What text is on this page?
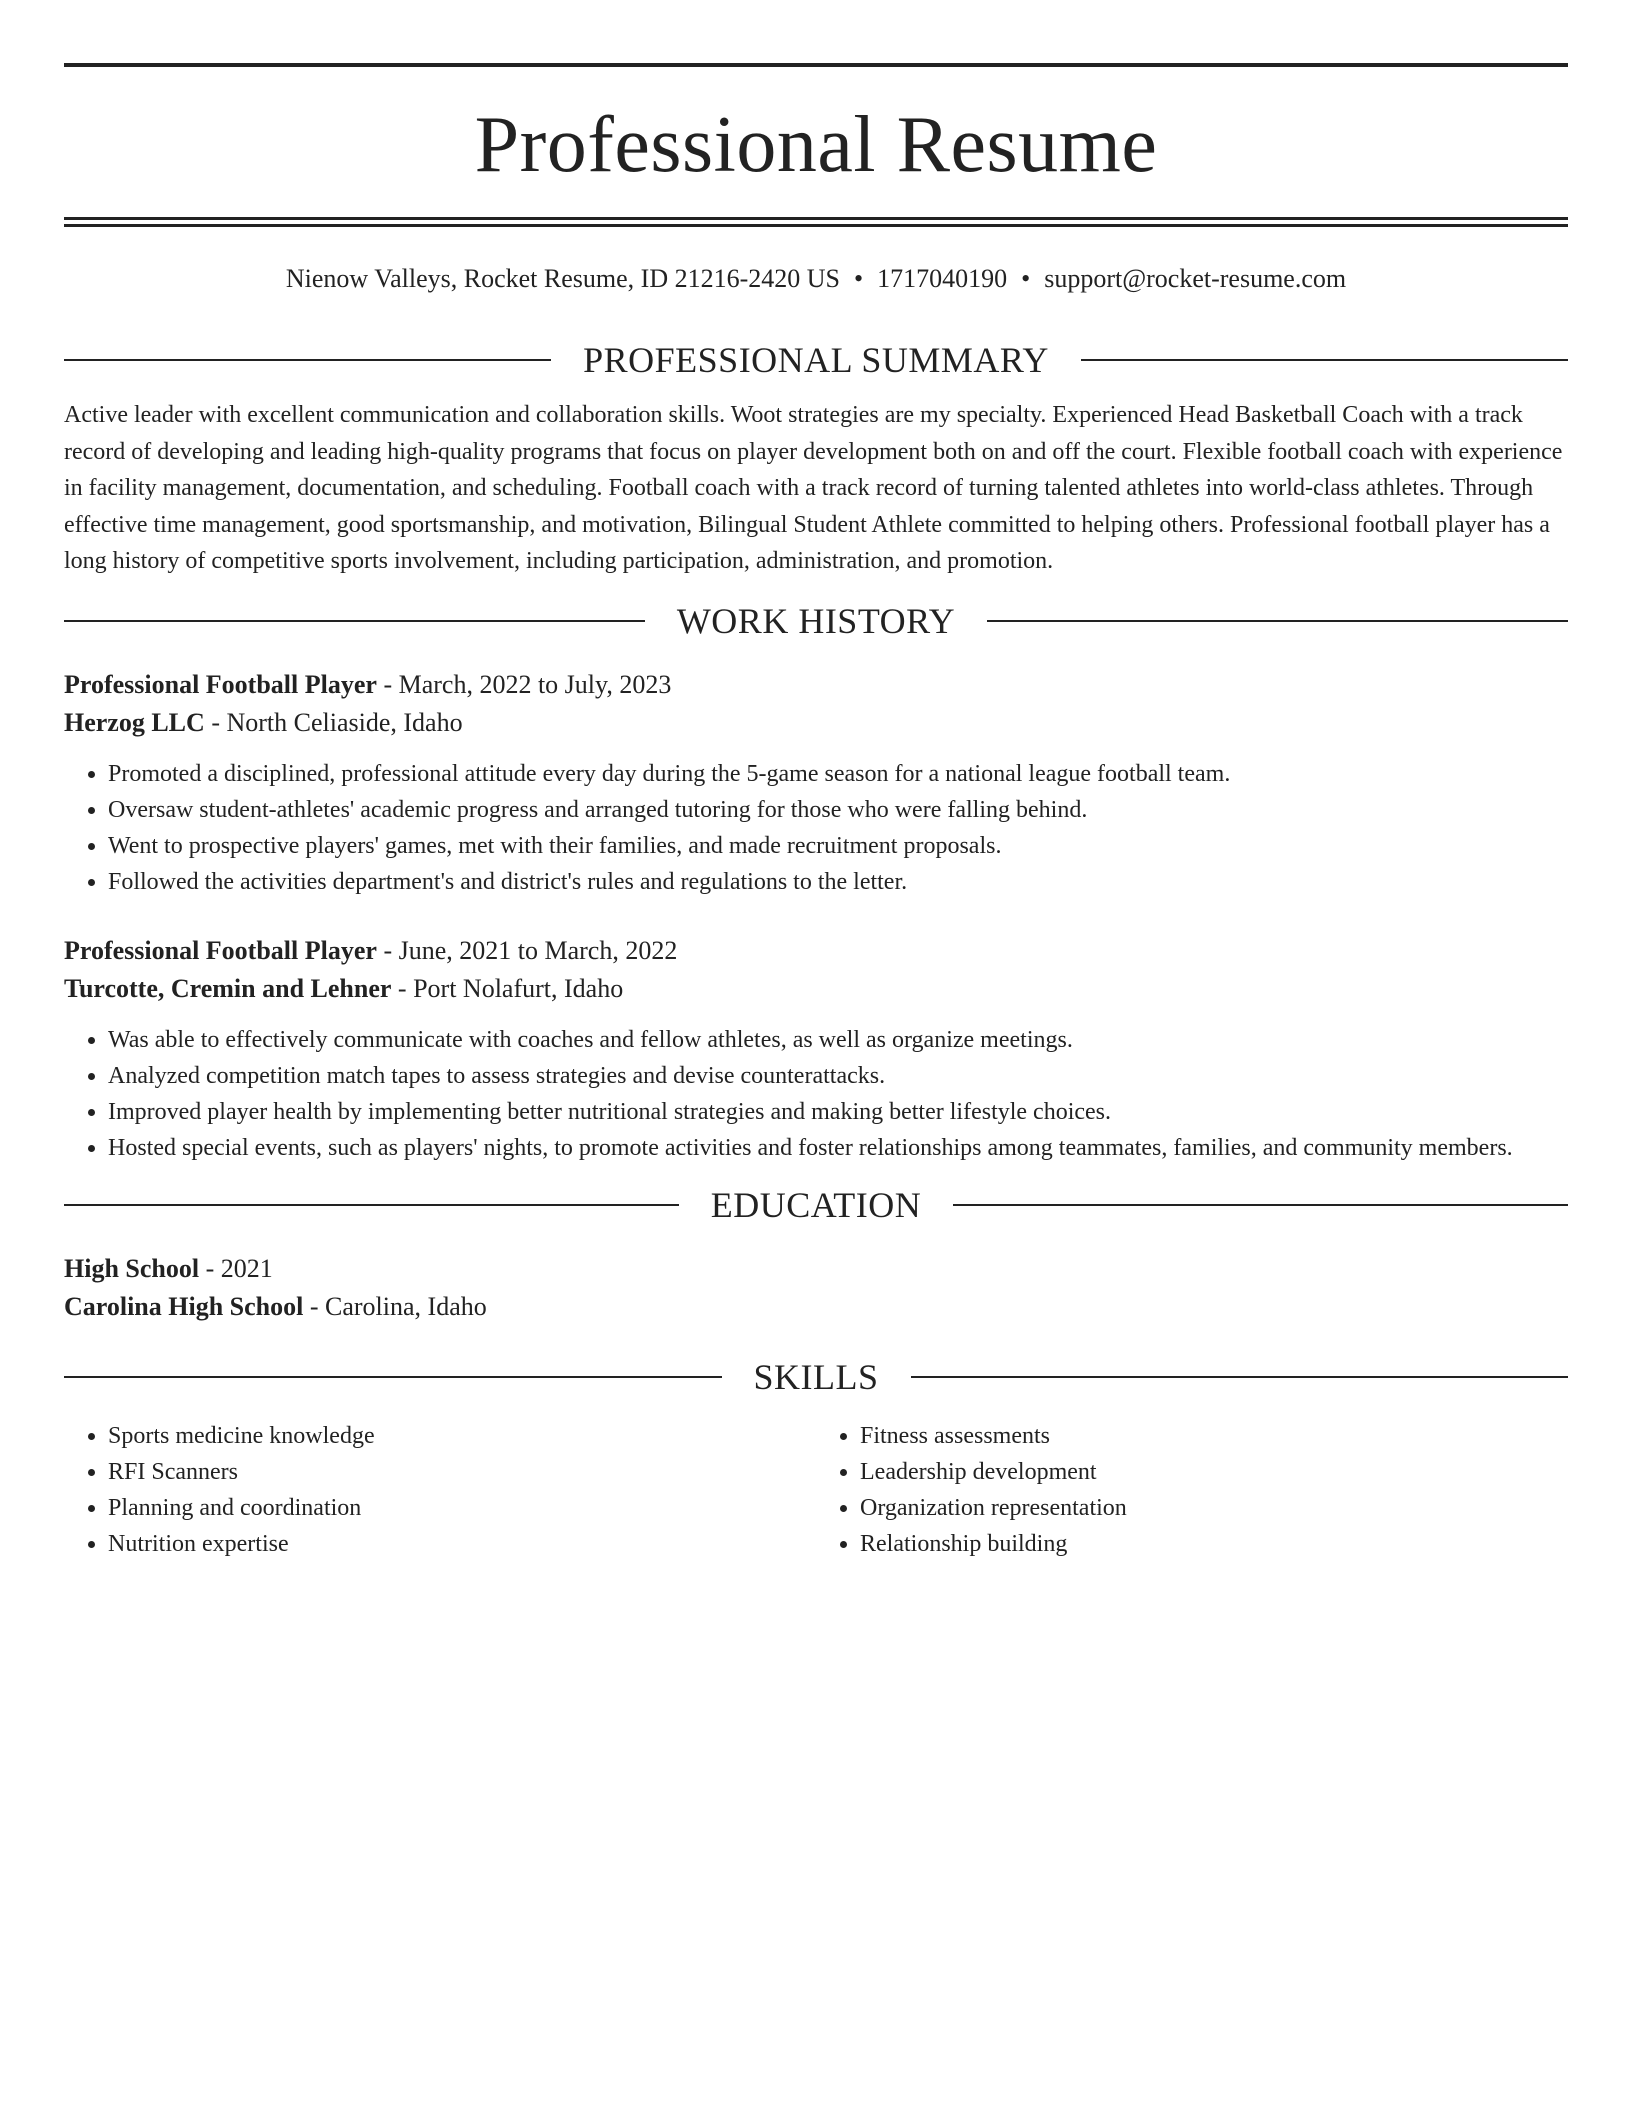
Professional Resume
Nienow Valleys, Rocket Resume, ID 21216-2420 US • 1717040190 • support@rocket-resume.com
PROFESSIONAL SUMMARY

Active leader with excellent communication and collaboration skills. Woot strategies are my specialty. Experienced Head Basketball Coach with a track record of developing and leading high-quality programs that focus on player development both on and off the court. Flexible football coach with experience in facility management, documentation, and scheduling. Football coach with a track record of turning talented athletes into world-class athletes. Through effective time management, good sportsmanship, and motivation, Bilingual Student Athlete committed to helping others. Professional football player has a long history of competitive sports involvement, including participation, administration, and promotion.

WORK HISTORY
Professional Football Player - March, 2022 to July, 2023
Herzog LLC - North Celiaside, Idaho
• Promoted a disciplined, professional attitude every day during the 5-game season for a national league football team.
• Oversaw student-athletes' academic progress and arranged tutoring for those who were falling behind.
• Went to prospective players' games, met with their families, and made recruitment proposals.
• Followed the activities department's and district's rules and regulations to the letter.
Professional Football Player - June, 2021 to March, 2022
Turcotte, Cremin and Lehner - Port Nolafurt, Idaho
• Was able to effectively communicate with coaches and fellow athletes, as well as organize meetings.
• Analyzed competition match tapes to assess strategies and devise counterattacks.
• Improved player health by implementing better nutritional strategies and making better lifestyle choices.
• Hosted special events, such as players' nights, to promote activities and foster relationships among teammates, families, and community members.
EDUCATION
High School - 2021
Carolina High School - Carolina, Idaho
SKILLS
• Sports medicine knowledge
• RFI Scanners
• Planning and coordination
• Nutrition expertise
• Fitness assessments
• Leadership development
• Organization representation
• Relationship building
